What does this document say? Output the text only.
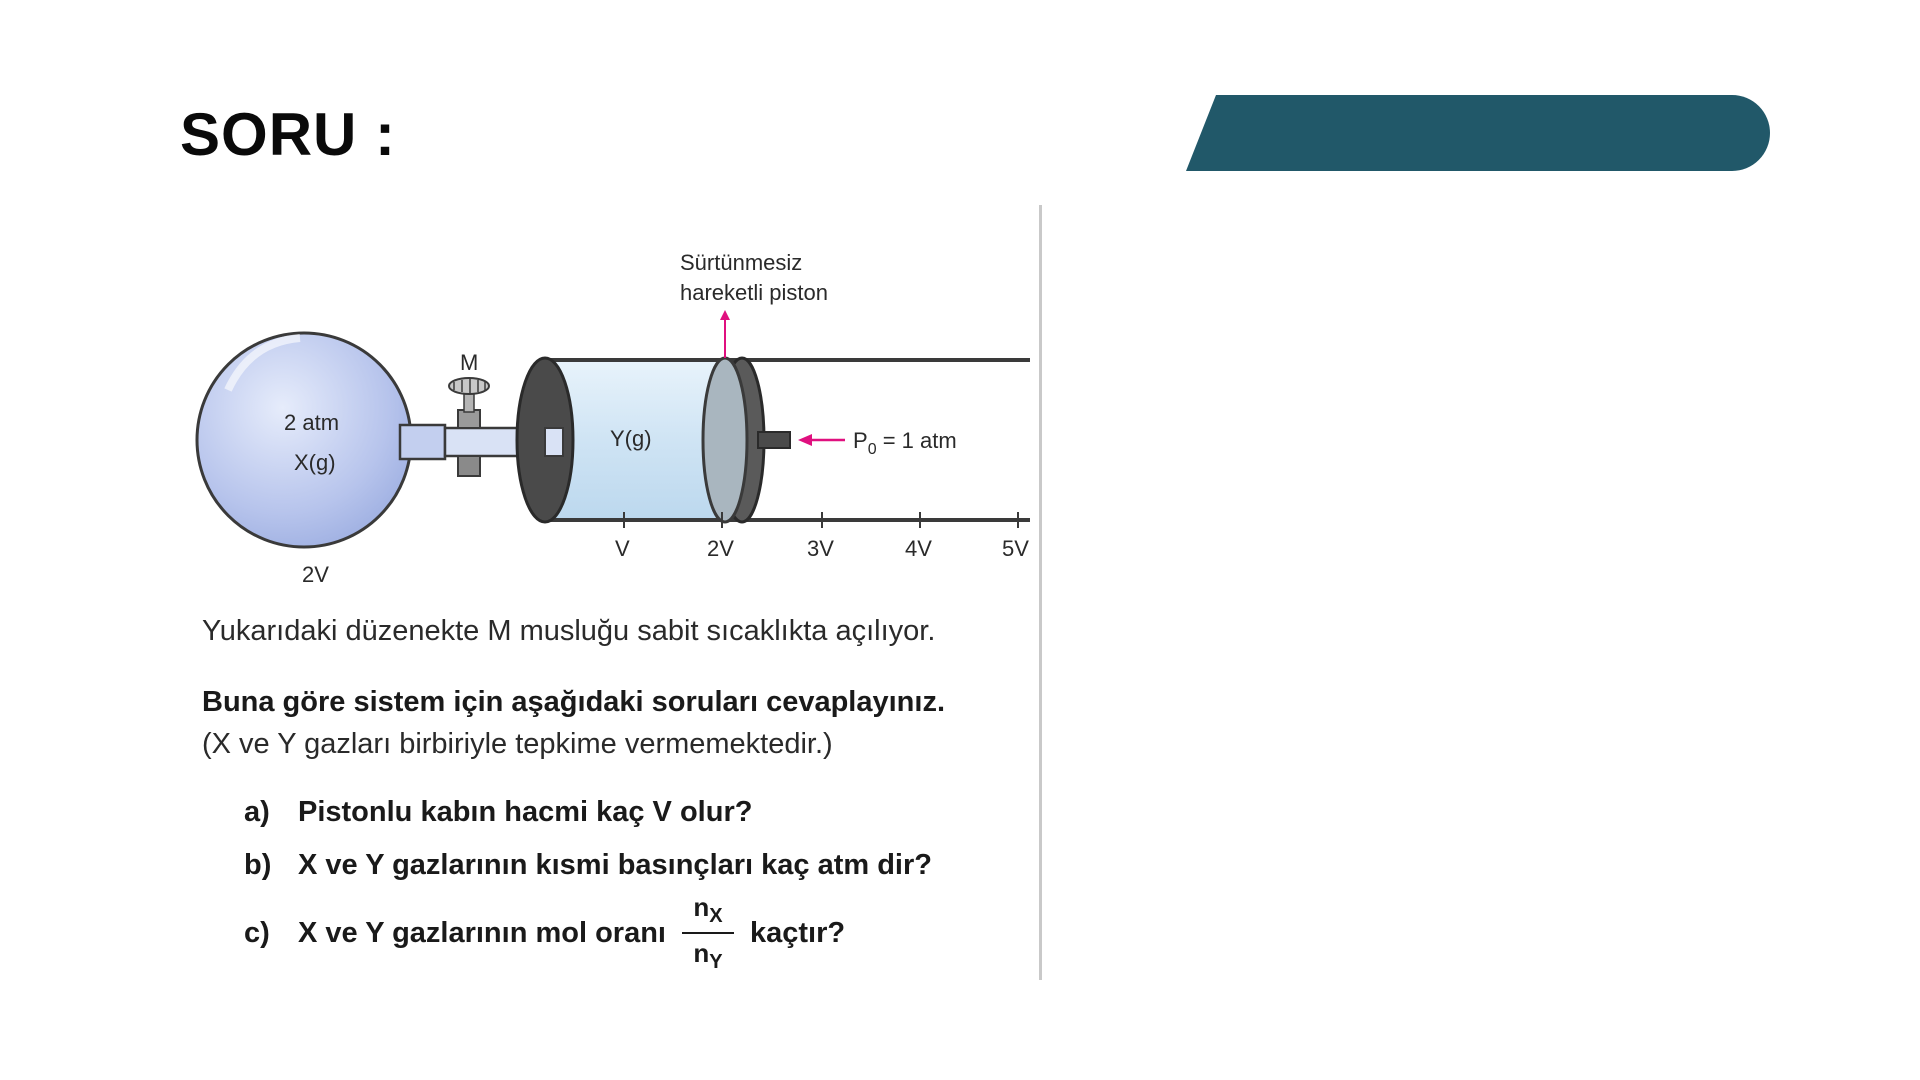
SORU :
Sürtünmesiz
hareketli piston
M
2 atm
X(g)
2V
Y(g)	$P_0 = 1$ atm
V	2V	3V	4V	5V
Yukarıdaki düzenekte M musluğu sabit sıcaklıkta açılıyor.
Buna göre sistem için aşağıdaki soruları cevaplayınız.
(X ve Y gazları birbiriyle tepkime vermemektedir.)
a) Pistonlu kabın hacmi kaç V olur?
b) X ve Y gazlarının kısmi basınçları kaç atm dir?
c) X ve Y gazlarının mol oranı $\frac{n_X}{n_Y}$ kaçtır?
